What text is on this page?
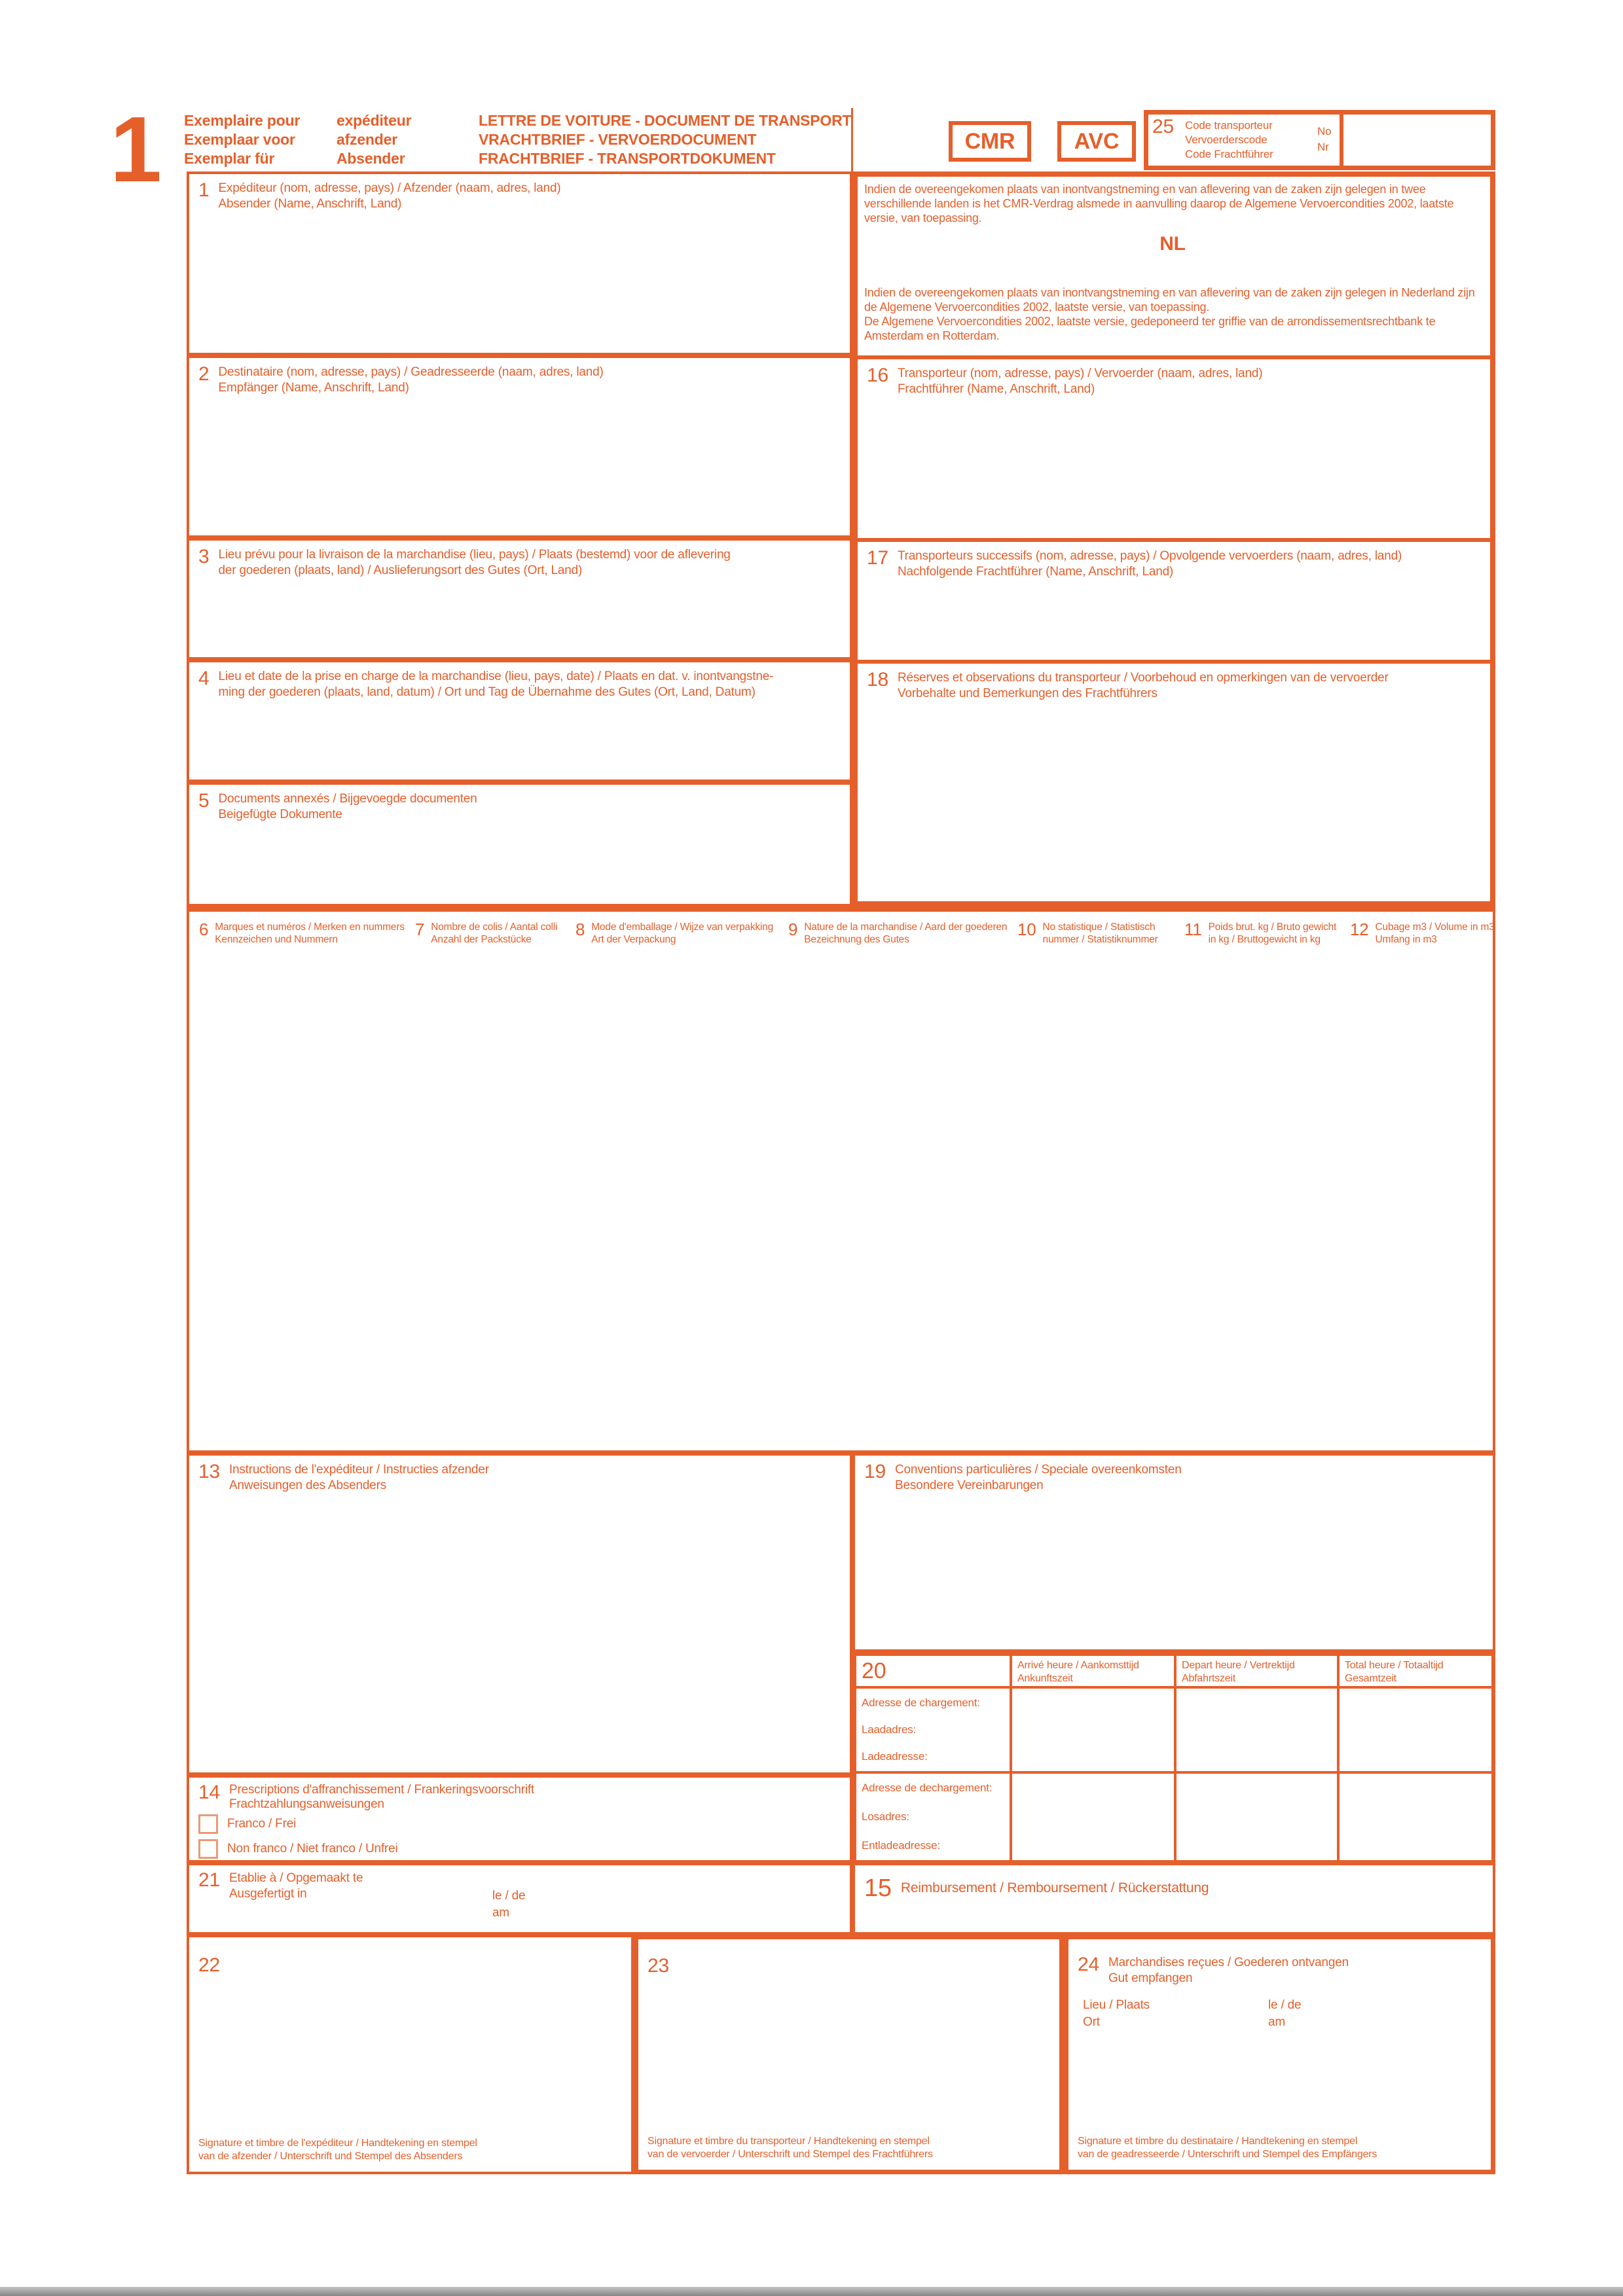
1 Exemplaire pour
Exemplaar voor
Exemplar für
expéditeur
afzender
Absender
LETTRE DE VOITURE - DOCUMENT DE TRANSPORT
VRACHTBRIEF - VERVOERDOCUMENT
FRACHTBRIEF - TRANSPORTDOKUMENT
CMR	AVC
25 Code transporteur
Vervoerderscode
Code Frachtführer
No
Nr
1 Expéditeur (nom, adresse, pays) / Afzender (naam, adres, land)
Absender (Name, Anschrift, Land)
2 Destinataire (nom, adresse, pays) / Geadresseerde (naam, adres, land)
Empfänger (Name, Anschrift, Land)
3 Lieu prévu pour la livraison de la marchandise (lieu, pays) / Plaats (bestemd) voor de aflevering
der goederen (plaats, land) / Auslieferungsort des Gutes (Ort, Land)
4 Lieu et date de la prise en charge de la marchandise (lieu, pays, date) / Plaats en dat. v. inontvangstne-
ming der goederen (plaats, land, datum) / Ort und Tag de Übernahme des Gutes (Ort, Land, Datum)
5 Documents annexés / Bijgevoegde documenten
Beigefügte Dokumente
Indien de overeengekomen plaats van inontvangstneming en van aflevering van de zaken zijn gelegen in twee verschillende landen is het CMR-Verdrag alsmede in aanvulling daarop de Algemene Vervoercondities 2002, laatste versie, van toepassing.
NL
Indien de overeengekomen plaats van inontvangstneming en van aflevering van de zaken zijn gelegen in Nederland zijn de Algemene Vervoercondities 2002, laatste versie, van toepassing.
De Algemene Vervoercondities 2002, laatste versie, gedeponeerd ter griffie van de arrondissementsrechtbank te Amsterdam en Rotterdam.
16 Transporteur (nom, adresse, pays) / Vervoerder (naam, adres, land)
Frachtführer (Name, Anschrift, Land)
17 Transporteurs successifs (nom, adresse, pays) / Opvolgende vervoerders (naam, adres, land)
Nachfolgende Frachtführer (Name, Anschrift, Land)
18 Réserves et observations du transporteur / Voorbehoud en opmerkingen van de vervoerder
Vorbehalte und Bemerkungen des Frachtführers
6 Marques et numéros / Merken en nummers
Kennzeichen und Nummern
7 Nombre de colis / Aantal colli
Anzahl der Packstücke
8 Mode d'emballage / Wijze van verpakking
Art der Verpackung
9 Nature de la marchandise / Aard der goederen
Bezeichnung des Gutes
10 No statistique / Statistisch
nummer / Statistiknummer
11 Poids brut. kg / Bruto gewicht
in kg / Bruttogewicht in kg
12 Cubage m3 / Volume in m3
Umfang in m3
13 Instructions de l'expéditeur / Instructies afzender
Anweisungen des Absenders
19 Conventions particulières / Speciale overeenkomsten
Besondere Vereinbarungen
20	Arrivé heure / Aankomsttijd
Ankunftszeit
Depart heure / Vertrektijd
Abfahrtszeit
Total heure / Totaaltijd
Gesamtzeit
Adresse de chargement:
Laadadres:
Ladeadresse:
Adresse de dechargement:
Losadres:
Entladeadresse:
14 Prescriptions d'affranchissement / Frankeringsvoorschrift
Frachtzahlungsanweisungen
Franco / Frei
Non franco / Niet franco / Unfrei
21 Etablie à / Opgemaakt te
Ausgefertigt in	le / de
am
15 Reimbursement / Remboursement / Rückerstattung
22
Signature et timbre de l'expéditeur / Handtekening en stempel
van de afzender / Unterschrift und Stempel des Absenders
23
Signature et timbre du transporteur / Handtekening en stempel
van de vervoerder / Unterschrift und Stempel des Frachtführers
24 Marchandises reçues / Goederen ontvangen
Gut empfangen
Lieu / Plaats
Ort
le / de
am
Signature et timbre du destinataire / Handtekening en stempel
van de geadresseerde / Unterschrift und Stempel des Empfängers
